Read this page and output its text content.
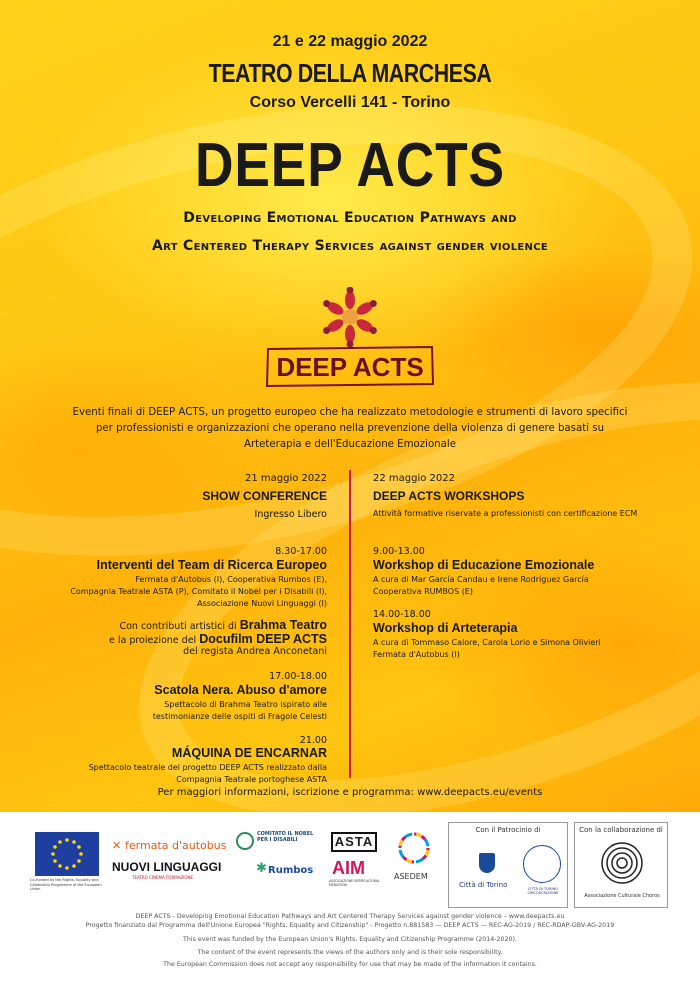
21 e 22 maggio 2022
TEATRO DELLA MARCHESA
Corso Vercelli 141 - Torino
DEEP ACTS
Developing Emotional Education Pathways and
Art Centered Therapy Services against gender violence
DEEP ACTS
Eventi finali di DEEP ACTS, un progetto europeo che ha realizzato metodologie e strumenti di lavoro specifici per professionisti e organizzazioni che operano nella prevenzione della violenza di genere basati su Arteterapia e dell'Educazione Emozionale
21 maggio 2022
SHOW CONFERENCE
Ingresso Libero
8.30-17.00
Interventi del Team di Ricerca Europeo
Fermata d'Autobus (I), Cooperativa Rumbos (E),
Compagnia Teatrale ASTA (P), Comitato il Nobel per i Disabili (I),
Associazione Nuovi Linguaggi (I)
Con contributi artistici di Brahma Teatro
e la proiezione del Docufilm DEEP ACTS
del regista Andrea Anconetani
17.00-18.00
Scatola Nera. Abuso d'amore
Spettacolo di Brahma Teatro ispirato alle
testimonianze delle ospiti di Fragole Celesti
21.00
MÁQUINA DE ENCARNAR
Spettacolo teatrale del progetto DEEP ACTS realizzato dalla
Compagnia Teatrale portoghese ASTA
22 maggio 2022
DEEP ACTS WORKSHOPS
Attività formative riservate a professionisti con certificazione ECM
9.00-13.00
Workshop di Educazione Emozionale
A cura di Mar García Candau e Irene Rodríguez García
Cooperativa RUMBOS (E)
14.00-18.00
Workshop di Arteterapia
A cura di Tommaso Calore, Carola Lorio e Simona Olivieri
Fermata d'Autobus (I)
Per maggiori informazioni, iscrizione e programma: www.deepacts.eu/events
Co-funded by the Rights, Equality and Citizenship Programme of the European Union
✕ fermata d'autobus
NUOVI LINGUAGGI
TEATRO CINEMA FORMAZIONE
COMITATO IL NOBEL PER I DISABILI
✱ Rumbos
ASTA
AIM
ASSOCIAZIONE INTERCULTURAL MEDIATION
ASEDEM
Con il Patrocinio di
Città di Torino	CITTÀ DI TORINO CIRCOSCRIZIONE
Con la collaborazione di
Associazione Culturale Choros
DEEP ACTS - Developing Emotional Education Pathways and Art Centered Therapy Services against gender violence – www.deepacts.eu
Progetto finanziato dal Programma dell'Unione Europea "Rights, Equality and Citizenship" - Progetto n.881583 — DEEP ACTS — REC-AG-2019 / REC-RDAP-GBV-AG-2019
This event was funded by the European Union's Rights, Equality and Citizenship Programme (2014-2020).
The content of the event represents the views of the authors only and is their sole responsibility.
The European Commission does not accept any responsibility for use that may be made of the information it contains.
